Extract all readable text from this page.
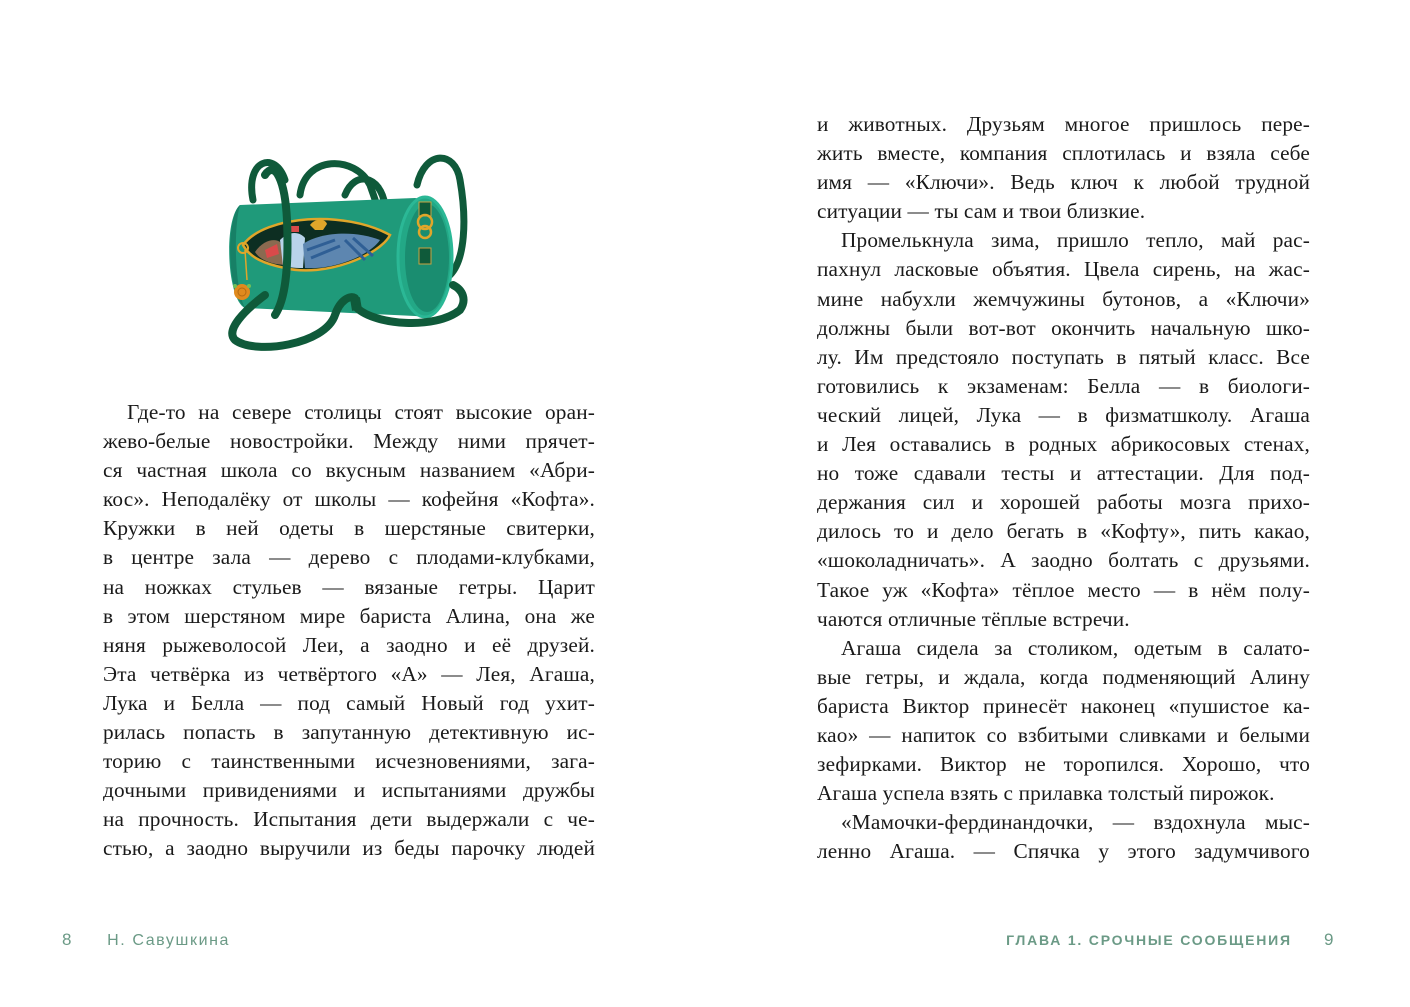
Где-то на севере столицы стоят высокие оран-
жево-белые новостройки. Между ними прячет-
ся частная школа со вкусным названием «Абри-
кос». Неподалёку от школы — кофейня «Кофта».
Кружки в ней одеты в шерстяные свитерки,
в центре зала — дерево с плодами-клубками,
на ножках стульев — вязаные гетры. Царит
в этом шерстяном мире бариста Алина, она же
няня рыжеволосой Леи, а заодно и её друзей.
Эта четвёрка из четвёртого «А» — Лея, Агаша,
Лука и Белла — под самый Новый год ухит-
рилась попасть в запутанную детективную ис-
торию с таинственными исчезновениями, зага-
дочными привидениями и испытаниями дружбы
на прочность. Испытания дети выдержали с че-
стью, а заодно выручили из беды парочку людей
8 Н. Савушкина
и животных. Друзьям многое пришлось пере-
жить вместе, компания сплотилась и взяла себе
имя — «Ключи». Ведь ключ к любой трудной
ситуации — ты сам и твои близкие.
Промелькнула зима, пришло тепло, май рас-
пахнул ласковые объятия. Цвела сирень, на жас-
мине набухли жемчужины бутонов, а «Ключи»
должны были вот-вот окончить начальную шко-
лу. Им предстояло поступать в пятый класс. Все
готовились к экзаменам: Белла — в биологи-
ческий лицей, Лука — в физматшколу. Агаша
и Лея оставались в родных абрикосовых стенах,
но тоже сдавали тесты и аттестации. Для под-
держания сил и хорошей работы мозга прихо-
дилось то и дело бегать в «Кофту», пить какао,
«шоколадничать». А заодно болтать с друзьями.
Такое уж «Кофта» тёплое место — в нём полу-
чаются отличные тёплые встречи.
Агаша сидела за столиком, одетым в салато-
вые гетры, и ждала, когда подменяющий Алину
бариста Виктор принесёт наконец «пушистое ка-
као» — напиток со взбитыми сливками и белыми
зефирками. Виктор не торопился. Хорошо, что
Агаша успела взять с прилавка толстый пирожок.
«Мамочки-фердинандочки, — вздохнула мыс-
ленно Агаша. — Спячка у этого задумчивого
ГЛАВА 1. СРОЧНЫЕ СООБЩЕНИЯ 9
